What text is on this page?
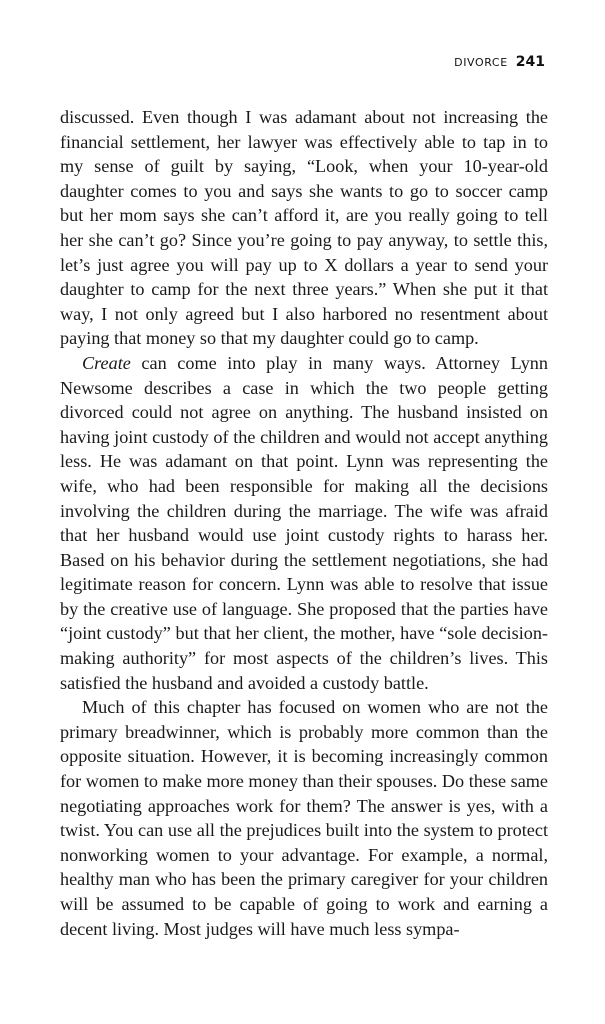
DIVORCE 241

discussed. Even though I was adamant about not increasing the financial settlement, her lawyer was effectively able to tap in to my sense of guilt by saying, “Look, when your 10-year-old daughter comes to you and says she wants to go to soccer camp but her mom says she can’t afford it, are you really going to tell her she can’t go? Since you’re going to pay anyway, to settle this, let’s just agree you will pay up to X dollars a year to send your daughter to camp for the next three years.” When she put it that way, I not only agreed but I also harbored no resentment about paying that money so that my daughter could go to camp.

Create can come into play in many ways. Attorney Lynn Newsome describes a case in which the two people getting divorced could not agree on anything. The husband insisted on having joint custody of the children and would not accept anything less. He was adamant on that point. Lynn was representing the wife, who had been responsible for making all the decisions involving the children during the marriage. The wife was afraid that her husband would use joint custody rights to harass her. Based on his behavior during the settlement negotiations, she had legitimate reason for concern. Lynn was able to resolve that issue by the creative use of language. She proposed that the parties have “joint custody” but that her client, the mother, have “sole decision-making authority” for most aspects of the children’s lives. This satisfied the husband and avoided a custody battle.

Much of this chapter has focused on women who are not the primary breadwinner, which is probably more common than the opposite situation. However, it is becoming increasingly common for women to make more money than their spouses. Do these same negotiating approaches work for them? The answer is yes, with a twist. You can use all the prejudices built into the system to protect nonworking women to your advantage. For example, a normal, healthy man who has been the primary caregiver for your children will be assumed to be capable of going to work and earning a decent living. Most judges will have much less sympa-
